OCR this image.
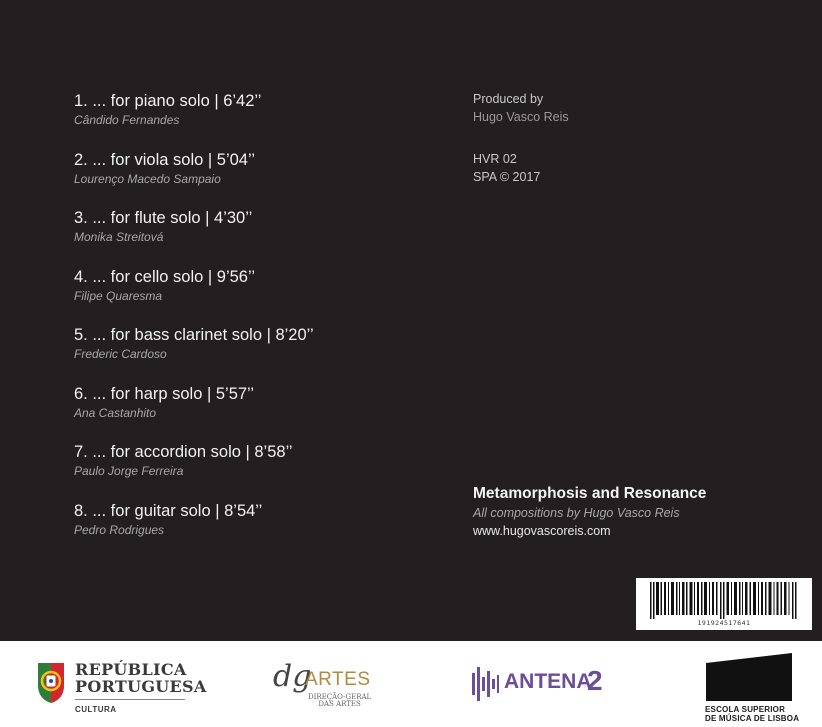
1. ... for piano solo | 6’42’’
Cândido Fernandes
2. ... for viola solo | 5’04’’
Lourenço Macedo Sampaio
3. ... for flute solo | 4’30’’
Monika Streitová
4. ... for cello solo | 9’56’’
Filipe Quaresma
5. ... for bass clarinet solo | 8’20’’
Frederic Cardoso
6. ... for harp solo | 5’57’’
Ana Castanhito
7. ... for accordion solo | 8’58’’
Paulo Jorge Ferreira
8. ... for guitar solo | 8’54’’
Pedro Rodrigues
Produced by
Hugo Vasco Reis
HVR 02
SPA © 2017
Metamorphosis and Resonance
All compositions by Hugo Vasco Reis
www.hugovascoreis.com
191924517641
REPÚBLICA
PORTUGUESA
CULTURA
dg
ARTES
DIREÇÃO-GERAL
DAS ARTES
ANTENA
2
ESCOLA SUPERIOR
DE MÚSICA DE LISBOA
